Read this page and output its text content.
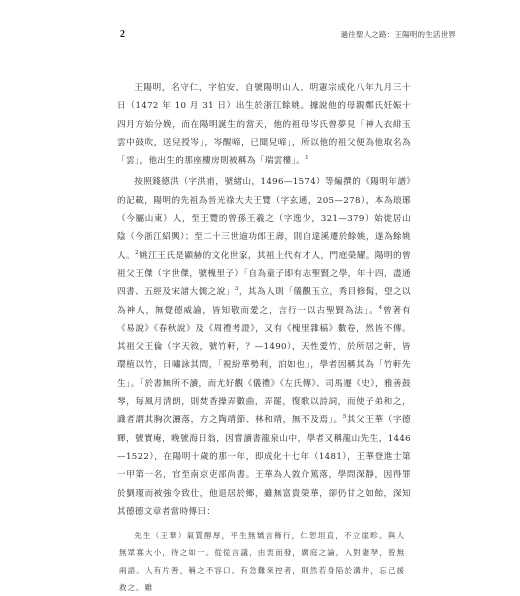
2	過往聖人之路：王陽明的生活世界

王陽明，名守仁，字伯安，自號陽明山人，明憲宗成化八年九月三十日（1472 年 10 月 31 日）出生於浙江餘姚。據說他的母親鄭氏妊娠十四月方始分娩，而在陽明誕生的當天，他的祖母岑氏曾夢見「神人衣緋玉雲中鼓吹，送兒授岑」，岑醒啼，已聞兒啼」，所以他的祖父便為他取名為「雲」，他出生的那座樓房則被稱為「瑞雲樓」。$^1$

按照錢德洪（字洪甫，號緒山，1496—1574）等編撰的《陽明年譜》的記載，陽明的先祖為晉光祿大夫王覽（字玄通，205—278），本為琅琊（今屬山東）人，至王覽的曾孫王羲之（字逸少，321—379）始徙居山陰（今浙江紹興）；至二十三世逾功郎王壽，則自達溪遷於餘姚，遂為餘姚人。$^2$姚江王氏是顯赫的文化世家，其祖上代有才人，門庭榮耀。陽明的曾祖父王傑（字世傑，號槐里子）「自為童子即有志聖賢之學，年十四，盡通四書、五經及宋諸大儒之說」$^3$，其為人則「儀觀玉立，秀目修髯，望之以為神人，無覺德威諭，皆知敬而愛之，言行一以古聖賢為法」。$^4$曾著有《易說》《春秋說》及《周禮考證》，又有《槐里雜稿》數卷，然皆不傳。其祖父王倫（字天敘，號竹軒，？—1490），天性愛竹，於所居之軒，皆環植以竹，日嘯詠其間，「視紛華勢利，泊如也」，學者因稱其為「竹軒先生」。「於書無所不讀，而尤好觀《儀禮》《左氏傳》、司馬遷《史》，雅善鼓琴，每風月清朗，則焚香操弄數曲，弄罷，復歌以詩詞，而使子弟和之，識者謂其胸次灑落，方之陶靖節、林和靖，無不及焉」。$^5$其父王華（字德輝，號實庵，晚號海日翁，因嘗讀書龍泉山中，學者又稱龍山先生，1446—1522），在陽明十歲的那一年，即成化十七年（1481），王華登進士第一甲第一名，官至南京吏部尚書。王華為人敦介篤落，學問深靜，因得罪於劉瑾而被強令致仕，他退居於鄉，雖無富貴榮華，卻仍甘之如飴，深知其德德文章者當時傳曰：

先生（王華）氣質醇厚，平生無矯言飾行，仁恕坦直，不立崖畛。與人無眾寡大小，待之如一。從從言議，由衷而發，廣庭之論，入對妻孥，曾無兩語。人有片善，稱之不容口。有急難來控者，則然若身陷於溝井，忘己援救之。雖
